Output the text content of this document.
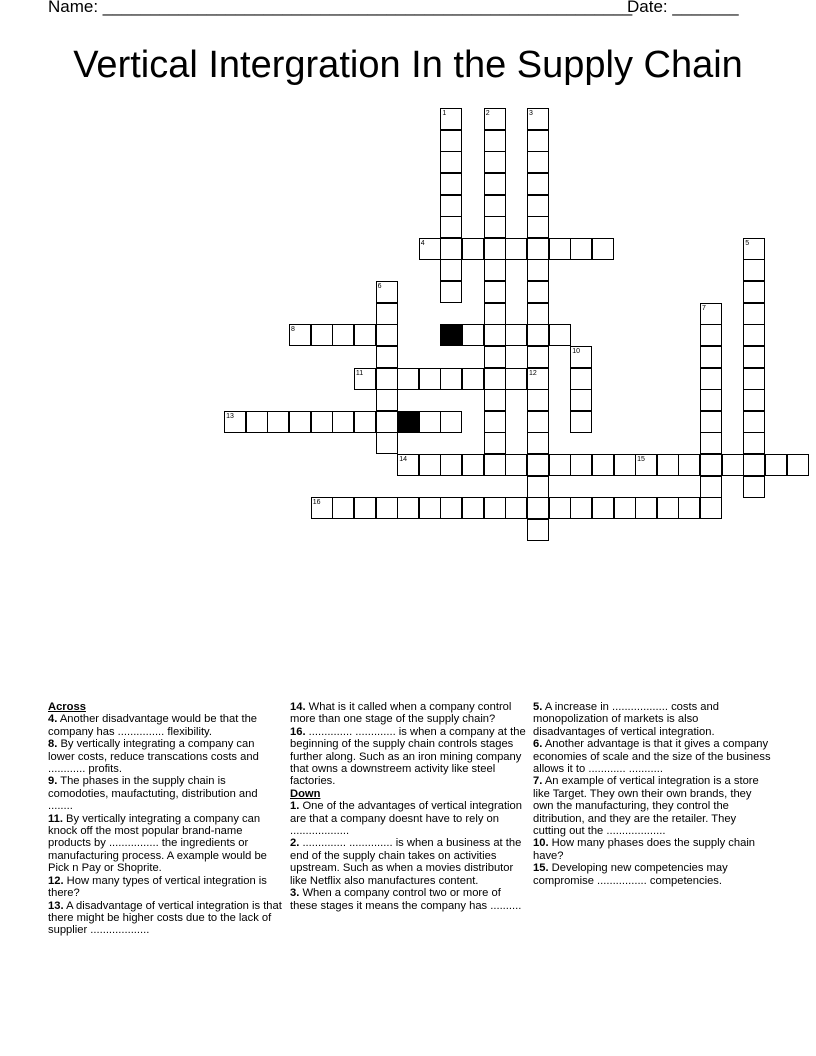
Name: ________________________________________________________
Date: _______
Vertical Intergration In the Supply Chain
1	2	3
4	5
6
7
8	9
10
11	12
13
14	15
16
Across
4. Another disadvantage would be that the company has ............... flexibility.
8. By vertically integrating a company can lower costs, reduce transcations costs and ............ profits.
9. The phases in the supply chain is comodoties, maufactuting, distribution and ........
11. By vertically integrating a company can knock off the most popular brand-name products by ................ the ingredients or manufacturing process. A example would be Pick n Pay or Shoprite.
12. How many types of vertical integration is there?
13. A disadvantage of vertical integration is that there might be higher costs due to the lack of supplier ...................
14. What is it called when a company control more than one stage of the supply chain?
16. .............. ............. is when a company at the beginning of the supply chain controls stages further along. Such as an iron mining company that owns a downstreem activity like steel factories.
Down
1. One of the advantages of vertical integration are that a company doesnt have to rely on ...................
2. .............. .............. is when a business at the end of the supply chain takes on activities upstream. Such as when a movies distributor like Netflix also manufactures content.
3. When a company control two or more of these stages it means the company has ..........
5. A increase in .................. costs and monopolization of markets is also disadvantages of vertical integration.
6. Another advantage is that it gives a company economies of scale and the size of the business allows it to ............ ...........
7. An example of vertical integration is a store like Target. They own their own brands, they own the manufacturing, they control the ditribution, and they are the retailer. They cutting out the ...................
10. How many phases does the supply chain have?
15. Developing new competencies may compromise ................ competencies.
